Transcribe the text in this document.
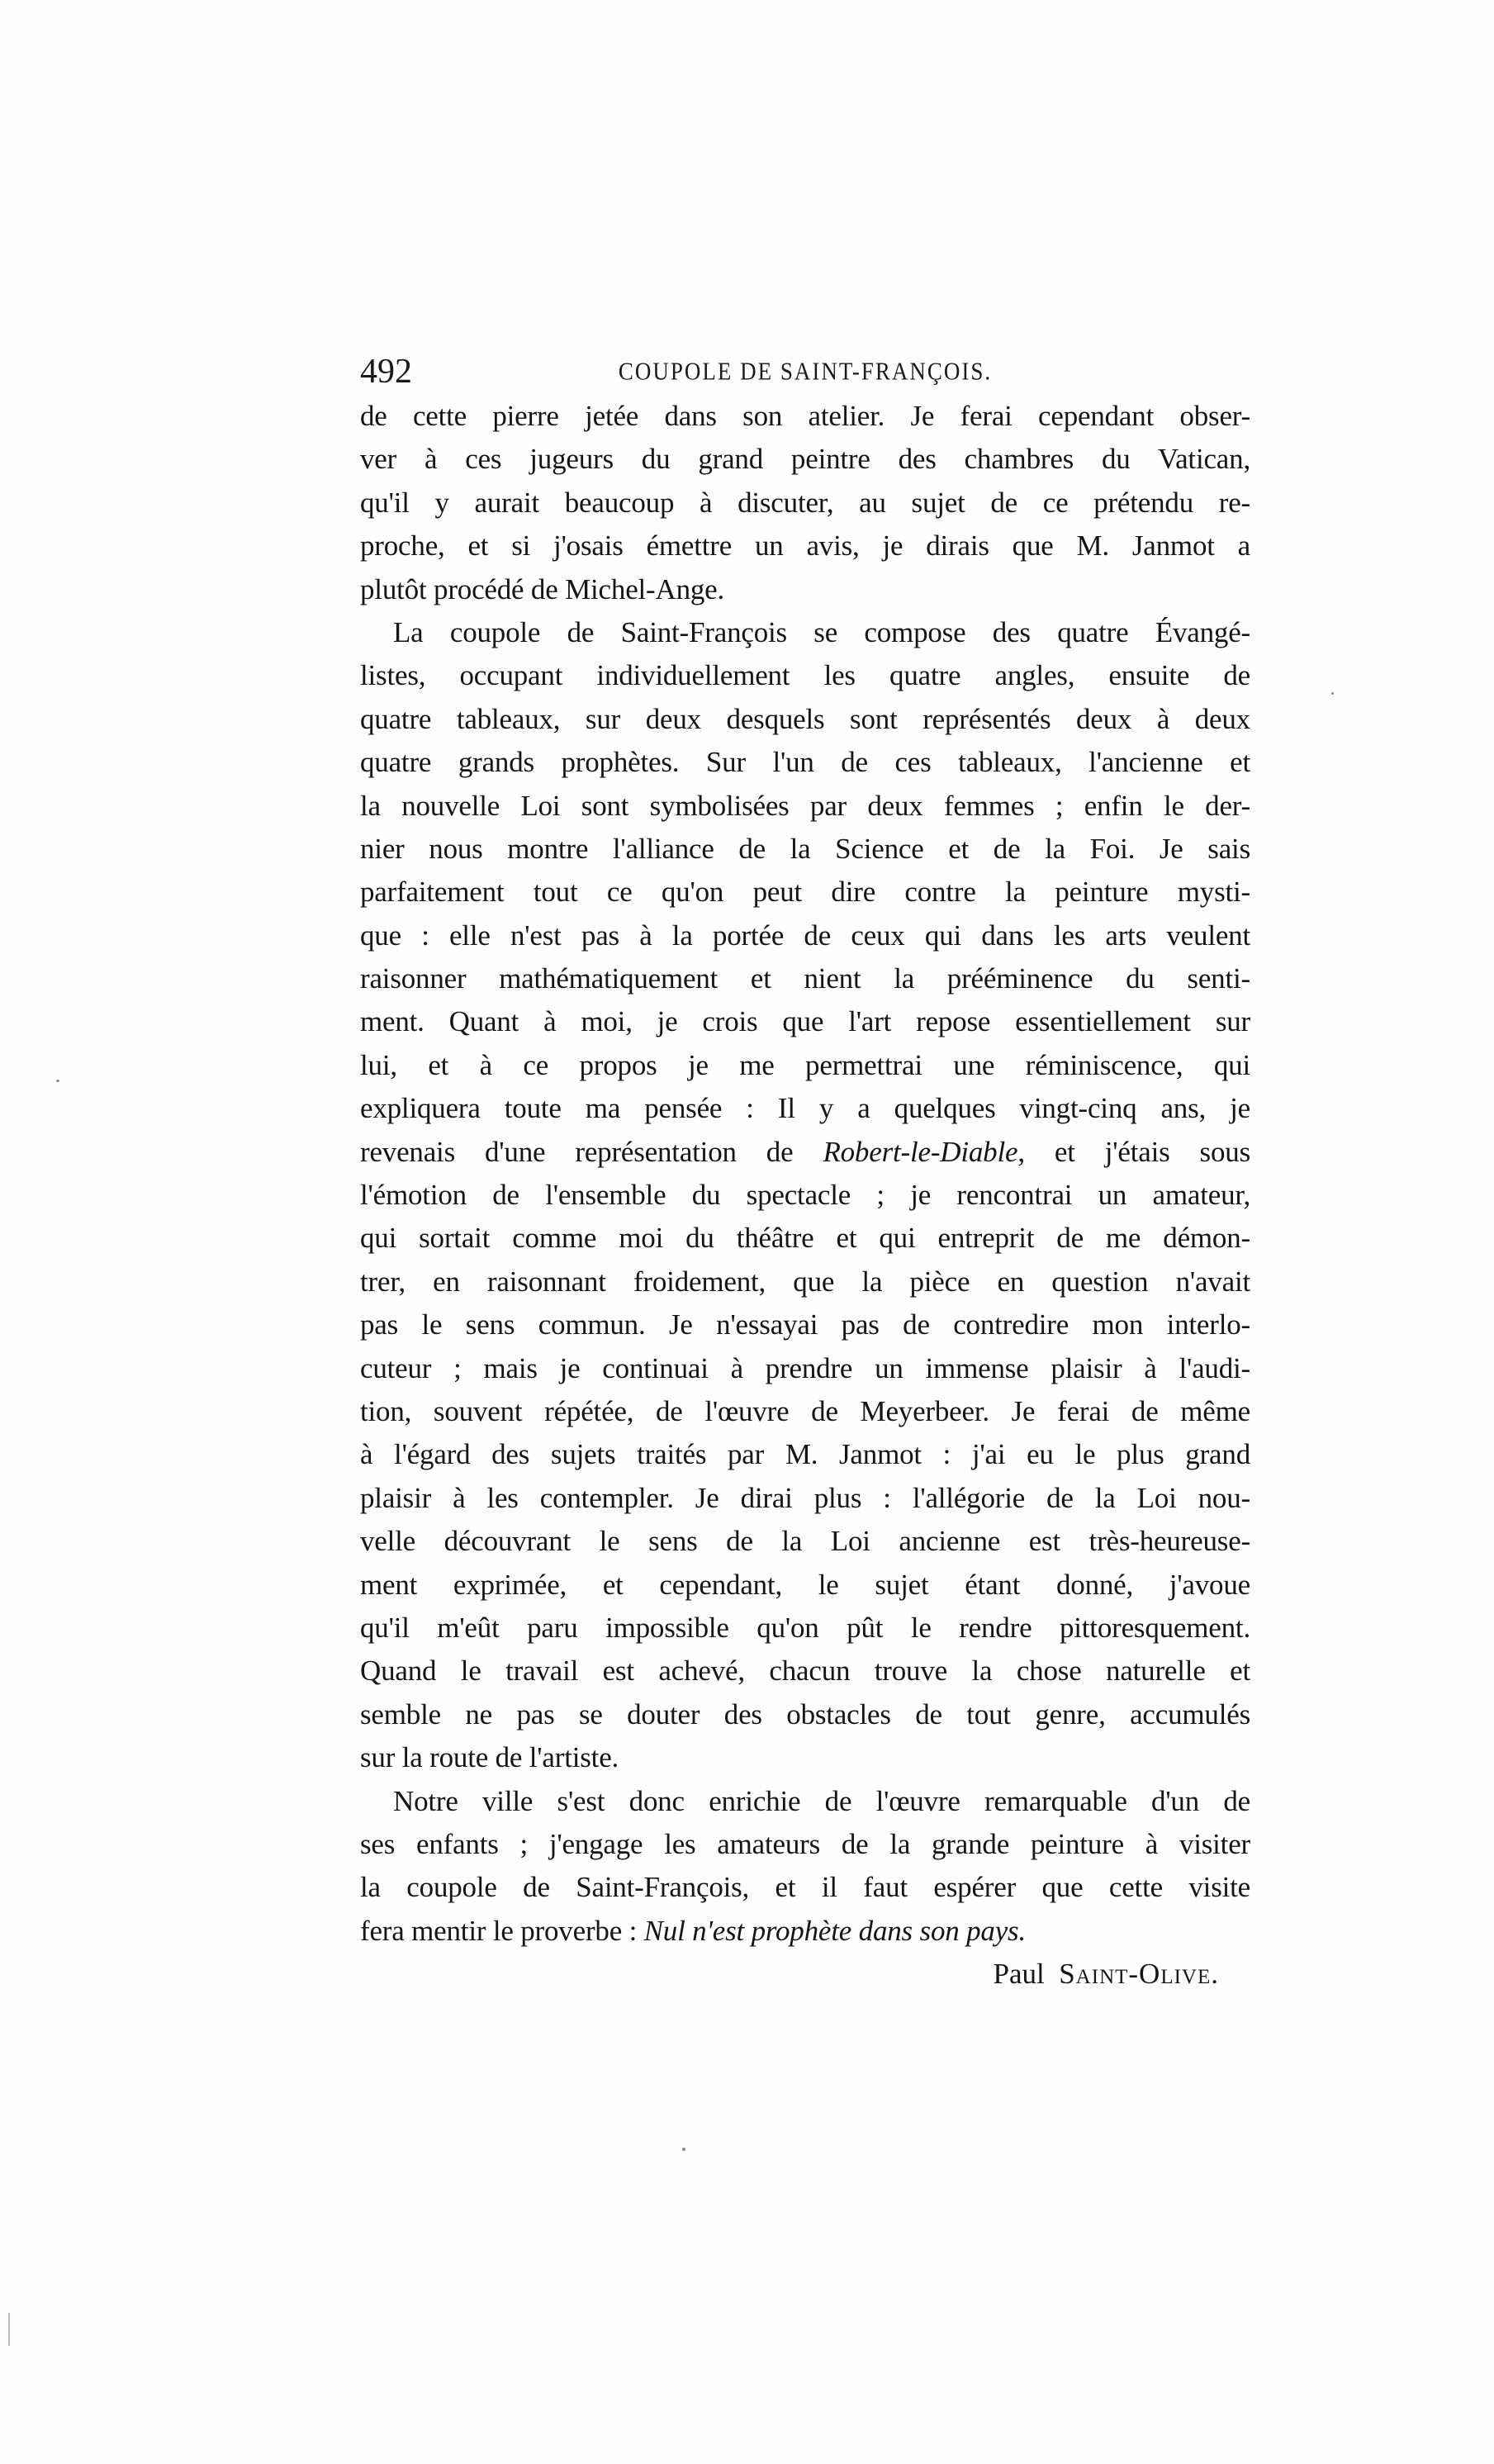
492	COUPOLE DE SAINT-FRANÇOIS.
de cette pierre jetée dans son atelier. Je ferai cependant obser-
ver à ces jugeurs du grand peintre des chambres du Vatican,
qu'il y aurait beaucoup à discuter, au sujet de ce prétendu re-
proche, et si j'osais émettre un avis, je dirais que M. Janmot a
plutôt procédé de Michel-Ange.
La coupole de Saint-François se compose des quatre Évangé-
listes, occupant individuellement les quatre angles, ensuite de
quatre tableaux, sur deux desquels sont représentés deux à deux
quatre grands prophètes. Sur l'un de ces tableaux, l'ancienne et
la nouvelle Loi sont symbolisées par deux femmes ; enfin le der-
nier nous montre l'alliance de la Science et de la Foi. Je sais
parfaitement tout ce qu'on peut dire contre la peinture mysti-
que : elle n'est pas à la portée de ceux qui dans les arts veulent
raisonner mathématiquement et nient la prééminence du senti-
ment. Quant à moi, je crois que l'art repose essentiellement sur
lui, et à ce propos je me permettrai une réminiscence, qui
expliquera toute ma pensée : Il y a quelques vingt-cinq ans, je
revenais d'une représentation de Robert-le-Diable, et j'étais sous
l'émotion de l'ensemble du spectacle ; je rencontrai un amateur,
qui sortait comme moi du théâtre et qui entreprit de me démon-
trer, en raisonnant froidement, que la pièce en question n'avait
pas le sens commun. Je n'essayai pas de contredire mon interlo-
cuteur ; mais je continuai à prendre un immense plaisir à l'audi-
tion, souvent répétée, de l'œuvre de Meyerbeer. Je ferai de même
à l'égard des sujets traités par M. Janmot : j'ai eu le plus grand
plaisir à les contempler. Je dirai plus : l'allégorie de la Loi nou-
velle découvrant le sens de la Loi ancienne est très-heureuse-
ment exprimée, et cependant, le sujet étant donné, j'avoue
qu'il m'eût paru impossible qu'on pût le rendre pittoresquement.
Quand le travail est achevé, chacun trouve la chose naturelle et
semble ne pas se douter des obstacles de tout genre, accumulés
sur la route de l'artiste.
Notre ville s'est donc enrichie de l'œuvre remarquable d'un de
ses enfants ; j'engage les amateurs de la grande peinture à visiter
la coupole de Saint-François, et il faut espérer que cette visite
fera mentir le proverbe : Nul n'est prophète dans son pays.
Paul Saint-Olive.
